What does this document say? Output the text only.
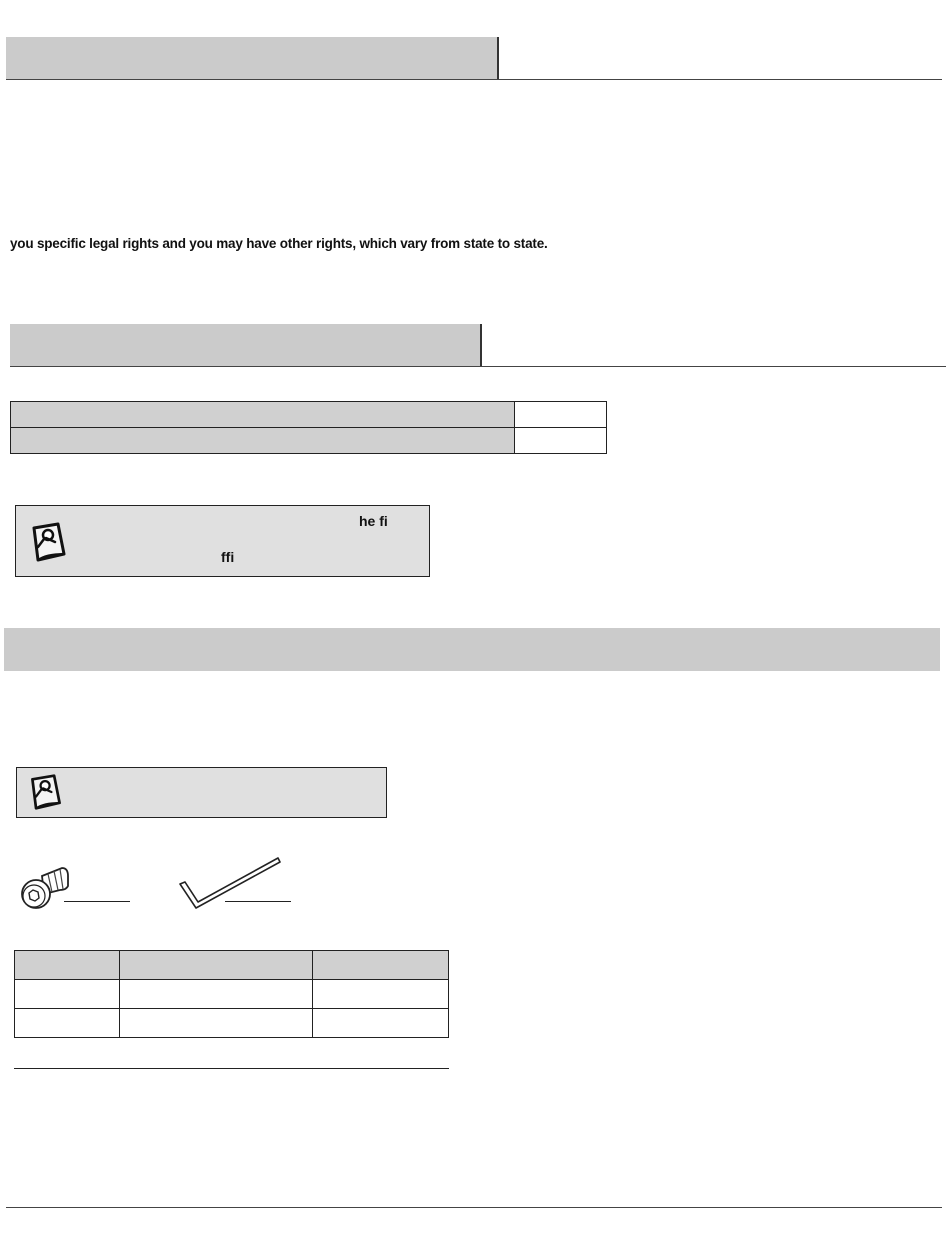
you specific legal rights and you may have other rights, which vary from state to state.

he fi
ffi
